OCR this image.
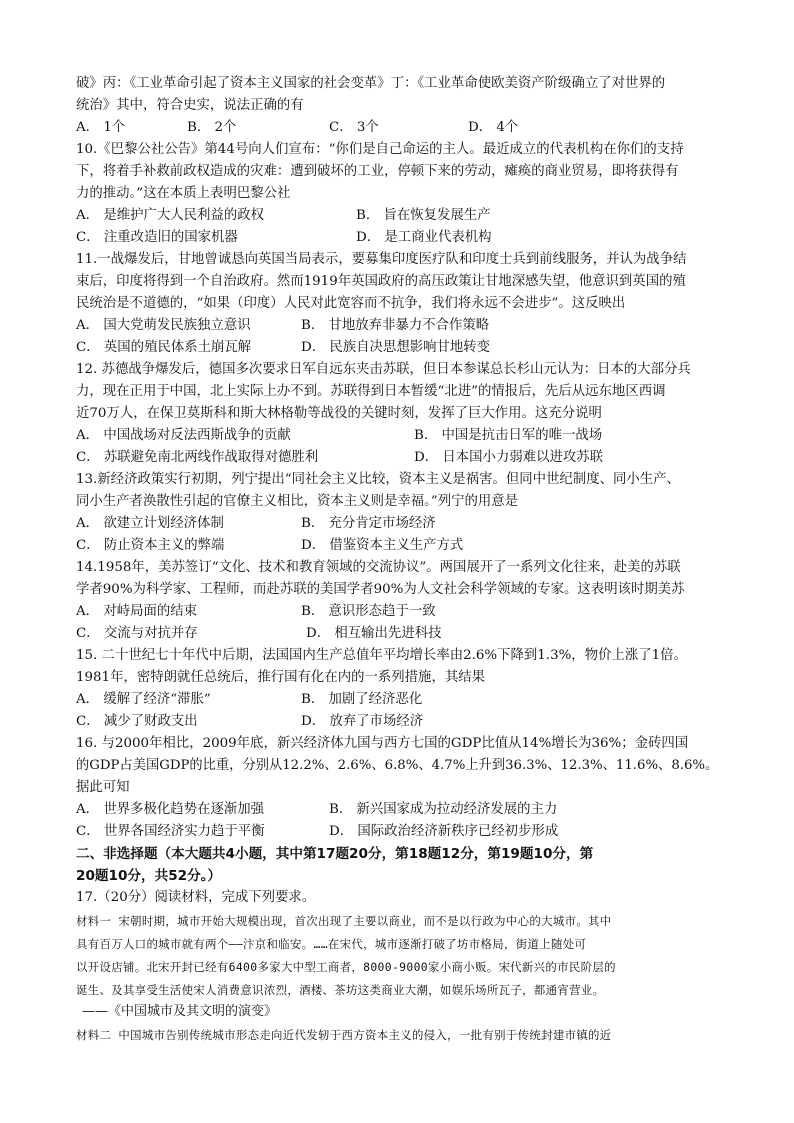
破》丙：《工业革命引起了资本主义国家的社会变革》丁：《工业革命使欧美资产阶级确立了对世界的
统治》其中，符合史实，说法正确的有
A． 1个	B． 2个	C． 3个	D． 4个
10.《巴黎公社公告》第44号向人们宣布：“你们是自己命运的主人。最近成立的代表机构在你们的支持
下，将着手补救前政权造成的灾难：遭到破坏的工业，停顿下来的劳动，瘫痪的商业贸易，即将获得有
力的推动。”这在本质上表明巴黎公社
A． 是维护广大人民利益的政权	B． 旨在恢复发展生产
C． 注重改造旧的国家机器	D． 是工商业代表机构
11.一战爆发后，甘地曾诚恳向英国当局表示，要募集印度医疗队和印度士兵到前线服务，并认为战争结
束后，印度将得到一个自治政府。然而1919年英国政府的高压政策让甘地深感失望，他意识到英国的殖
民统治是不道德的，“如果（印度）人民对此宽容而不抗争，我们将永远不会进步”。这反映出
A． 国大党萌发民族独立意识	B． 甘地放弃非暴力不合作策略
C． 英国的殖民体系土崩瓦解	D． 民族自决思想影响甘地转变
12. 苏德战争爆发后，德国多次要求日军自远东夹击苏联，但日本参谋总长杉山元认为：日本的大部分兵
力，现在正用于中国，北上实际上办不到。苏联得到日本暂缓“北进”的情报后，先后从远东地区西调
近70万人，在保卫莫斯科和斯大林格勒等战役的关键时刻，发挥了巨大作用。这充分说明
A． 中国战场对反法西斯战争的贡献	B． 中国是抗击日军的唯一战场
C． 苏联避免南北两线作战取得对德胜利	D． 日本国小力弱难以进攻苏联
13.新经济政策实行初期，列宁提出“同社会主义比较，资本主义是祸害。但同中世纪制度、同小生产、
同小生产者涣散性引起的官僚主义相比，资本主义则是幸福。”列宁的用意是
A． 欲建立计划经济体制	B． 充分肯定市场经济
C． 防止资本主义的弊端	D． 借鉴资本主义生产方式
14.1958年，美苏签订“文化、技术和教育领域的交流协议”。两国展开了一系列文化往来，赴美的苏联
学者90%为科学家、工程师，而赴苏联的美国学者90%为人文社会科学领域的专家。这表明该时期美苏
A． 对峙局面的结束	B． 意识形态趋于一致
C． 交流与对抗并存	D． 相互输出先进科技
15. 二十世纪七十年代中后期，法国国内生产总值年平均增长率由2.6%下降到1.3%，物价上涨了1倍。
1981年，密特朗就任总统后，推行国有化在内的一系列措施，其结果
A． 缓解了经济“滞胀”	B． 加剧了经济恶化
C． 减少了财政支出	D． 放弃了市场经济
16. 与2000年相比，2009年底，新兴经济体九国与西方七国的GDP比值从14%增长为36%；金砖四国
的GDP占美国GDP的比重，分别从12.2%、2.6%、6.8%、4.7%上升到36.3%、12.3%、11.6%、8.6%。
据此可知
A． 世界多极化趋势在逐渐加强	B． 新兴国家成为拉动经济发展的主力
C． 世界各国经济实力趋于平衡	D． 国际政治经济新秩序已经初步形成
二、非选择题（本大题共4小题，其中第17题20分，第18题12分，第19题10分，第
20题10分，共52分。）
17.（20分）阅读材料，完成下列要求。
材料一 宋朝时期，城市开始大规模出现，首次出现了主要以商业，而不是以行政为中心的大城市。其中
具有百万人口的城市就有两个——汴京和临安。……在宋代，城市逐渐打破了坊市格局，街道上随处可
以开设店铺。北宋开封已经有6400多家大中型工商者，8000-9000家小商小贩。宋代新兴的市民阶层的
诞生、及其享受生活使宋人消费意识浓烈，酒楼、茶坊这类商业大潮，如娱乐场所瓦子，都通宵营业。
——《中国城市及其文明的演变》
材料二 中国城市告别传统城市形态走向近代发轫于西方资本主义的侵入，一批有别于传统封建市镇的近
